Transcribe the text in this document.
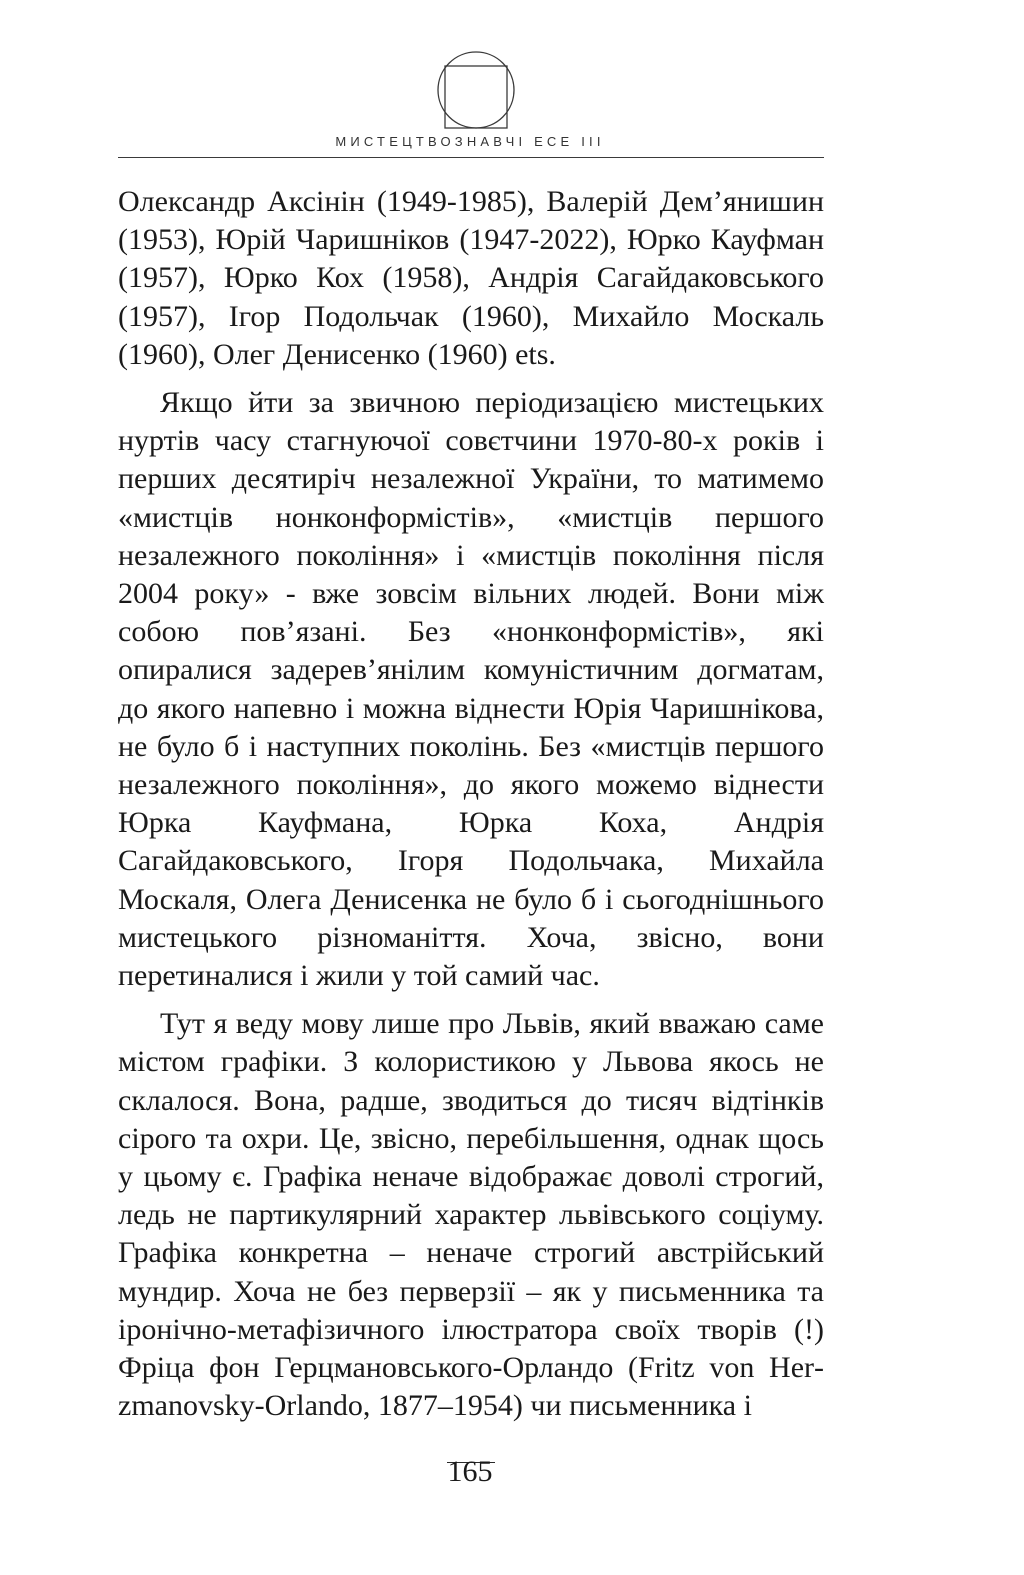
МИСТЕЦТВОЗНАВЧІ ЕСЕ III

Олександр Аксінін (1949-1985), Валерій Дем’янишин (1953), Юрій Чаришніков (1947-2022), Юрко Кауфман (1957), Юрко Кох (1958), Андрія Сагайдаковського (1957), Ігор Подольчак (1960), Михайло Москаль (1960), Олег Денисенко (1960) ets.

Якщо йти за звичною періодизацією мистецьких нуртів часу стагнуючої совєтчини 1970-80-х років і перших десятиріч незалежної України, то матимемо «мистців нонконформістів», «мистців першого незалежного покоління» і «мистців покоління після 2004 року» - вже зовсім вільних людей. Вони між собою пов’язані. Без «нонконформістів», які опиралися задерев’янілим комуністичним догматам, до якого напевно і можна віднести Юрія Чаришнікова, не було б і наступних поколінь. Без «мистців першого незалежного покоління», до якого можемо віднести Юрка Кауфмана, Юрка Коха, Андрія Сагайдаковського, Ігоря Подольчака, Михайла Москаля, Олега Денисенка не було б і сьогоднішнього мистецького різноманіття. Хоча, звісно, вони перетиналися і жили у той самий час.

Тут я веду мову лише про Львів, який вважаю саме містом графіки. З колористикою у Львова якось не склалося. Вона, радше, зводиться до тисяч відтінків сірого та охри. Це, звісно, перебільшення, однак щось у цьому є. Графіка неначе відображає доволі строгий, ледь не партикулярний характер львівського соціуму. Графіка конкретна – неначе строгий австрійський мундир. Хоча не без перверзії – як у письменника та іронічно-метафізичного ілюстратора своїх творів (!) Фріца фон Герцмановського-Орландо (Fritz von Herzmanovsky-Orlando, 1877–1954) чи письменника і

165
